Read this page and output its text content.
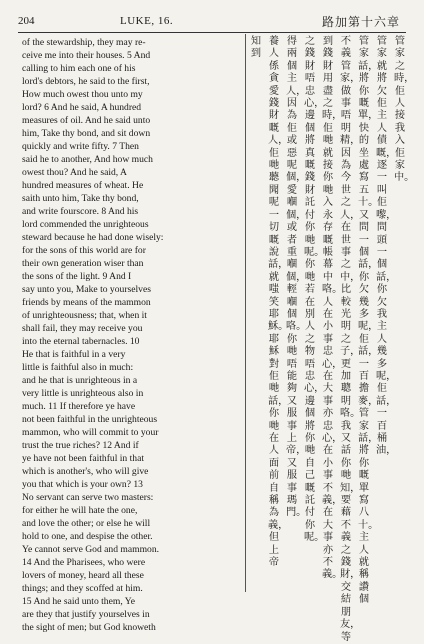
204	LUKE, 16.	路加第十六章

of the stewardship, they may re-

ceive me into their houses. 5 And

calling to him each one of his

lord's debtors, he said to the first,

How much owest thou unto my

lord? 6 And he said, A hundred

measures of oil. And he said unto

him, Take thy bond, and sit down

quickly and write fifty. 7 Then

said he to another, And how much

owest thou? And he said, A

hundred measures of wheat. He

saith unto him, Take thy bond,

and write fourscore. 8 And his

lord commended the unrighteous

steward because he had done wisely:

for the sons of this world are for

their own generation wiser than

the sons of the light. 9 And I

say unto you, Make to yourselves

friends by means of the mammon

of unrighteousness; that, when it

shall fail, they may receive you

into the eternal tabernacles. 10

He that is faithful in a very

little is faithful also in much:

and he that is unrighteous in a

very little is unrighteous also in

much. 11 If therefore ye have

not been faithful in the unrighteous

mammon, who will commit to your

trust the true riches? 12 And if

ye have not been faithful in that

which is another's, who will give

you that which is your own? 13

No servant can serve two masters:

for either he will hate the one,

and love the other; or else he will

hold to one, and despise the other.

Ye cannot serve God and mammon.

14 And the Pharisees, who were

lovers of money, heard all these

things; and they scoffed at him.

15 And he said unto them, Ye

are they that justify yourselves in

the sight of men; but God knoweth

管家之時，佢人接我入佢家中。
管家就將欠佢主人債嘅，逐一叫佢嚟，問頭一個話，你欠我主人幾多呢，佢話，一百桶油，
管家話，將你嘅單，快的坐處寫五十。又問一個話，你欠幾多呢，佢話，一百擔麥，管家話，將你嘅單寫八十。主人就稱讚個
不義管家，做事唔明精，因為今世之人，在世事之中，比較光明之子，更加聰明咯。我又話你哋知，要藉不義之錢財，交結朋友，等
到錢財用盡之時，佢哋就接你哋入永存嘅帳幕中咯。人在小事忠心，在大事亦忠心，在小事不義，在大事亦不義。
之錢財唔忠心，邊個將真嘅錢財託付你哋呢。你哋若在別人之物唔忠心，邊個將你哋自己嘅託付你呢。
得兩個主人，因為佢或惡呢個，愛嗰個，或者重嗰個，輕嗰個咯。你哋唔能夠又服事上帝，又服事瑪門。
養人係貪愛錢財嘅人，佢哋聽聞呢一切嘅說話，就嗤笑耶穌。耶穌對佢哋話，你哋在人面前自稱為義，但上帝
知到
